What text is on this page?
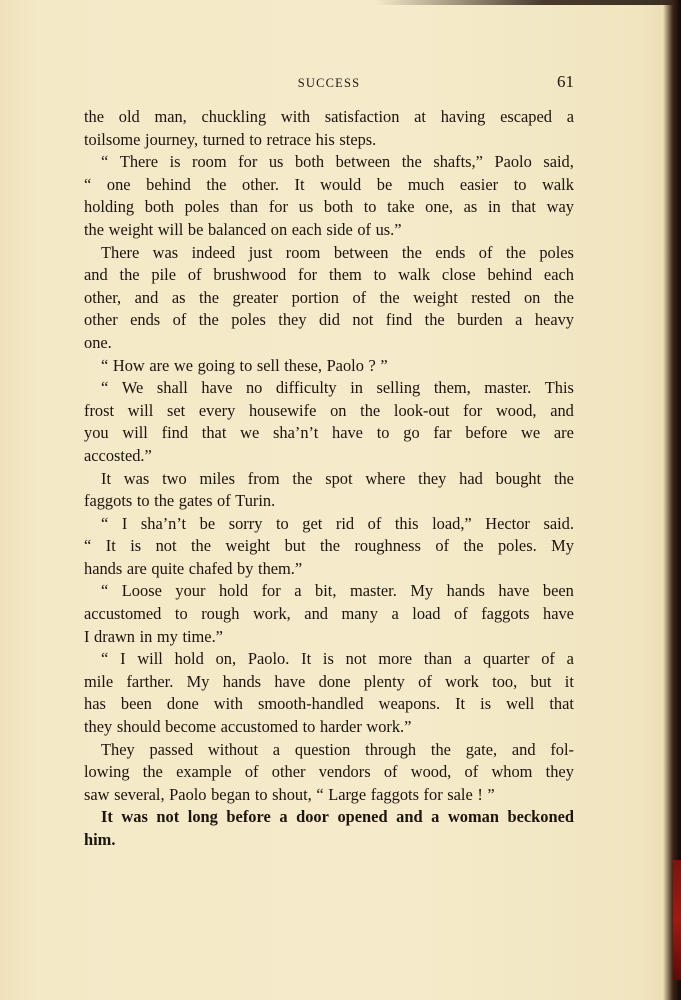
SUCCESS	61
the old man, chuckling with satisfaction at having escaped a
toilsome journey, turned to retrace his steps.
“ There is room for us both between the shafts,” Paolo said,
“ one behind the other. It would be much easier to walk
holding both poles than for us both to take one, as in that way
the weight will be balanced on each side of us.”
There was indeed just room between the ends of the poles
and the pile of brushwood for them to walk close behind each
other, and as the greater portion of the weight rested on the
other ends of the poles they did not find the burden a heavy
one.
“ How are we going to sell these, Paolo ? ”
“ We shall have no difficulty in selling them, master. This
frost will set every housewife on the look-out for wood, and
you will find that we sha’n’t have to go far before we are
accosted.”
It was two miles from the spot where they had bought the
faggots to the gates of Turin.
“ I sha’n’t be sorry to get rid of this load,” Hector said.
“ It is not the weight but the roughness of the poles. My
hands are quite chafed by them.”
“ Loose your hold for a bit, master. My hands have been
accustomed to rough work, and many a load of faggots have
I drawn in my time.”
“ I will hold on, Paolo. It is not more than a quarter of a
mile farther. My hands have done plenty of work too, but it
has been done with smooth-handled weapons. It is well that
they should become accustomed to harder work.”
They passed without a question through the gate, and fol-
lowing the example of other vendors of wood, of whom they
saw several, Paolo began to shout, “ Large faggots for sale ! ”
It was not long before a door opened and a woman beckoned
him.
